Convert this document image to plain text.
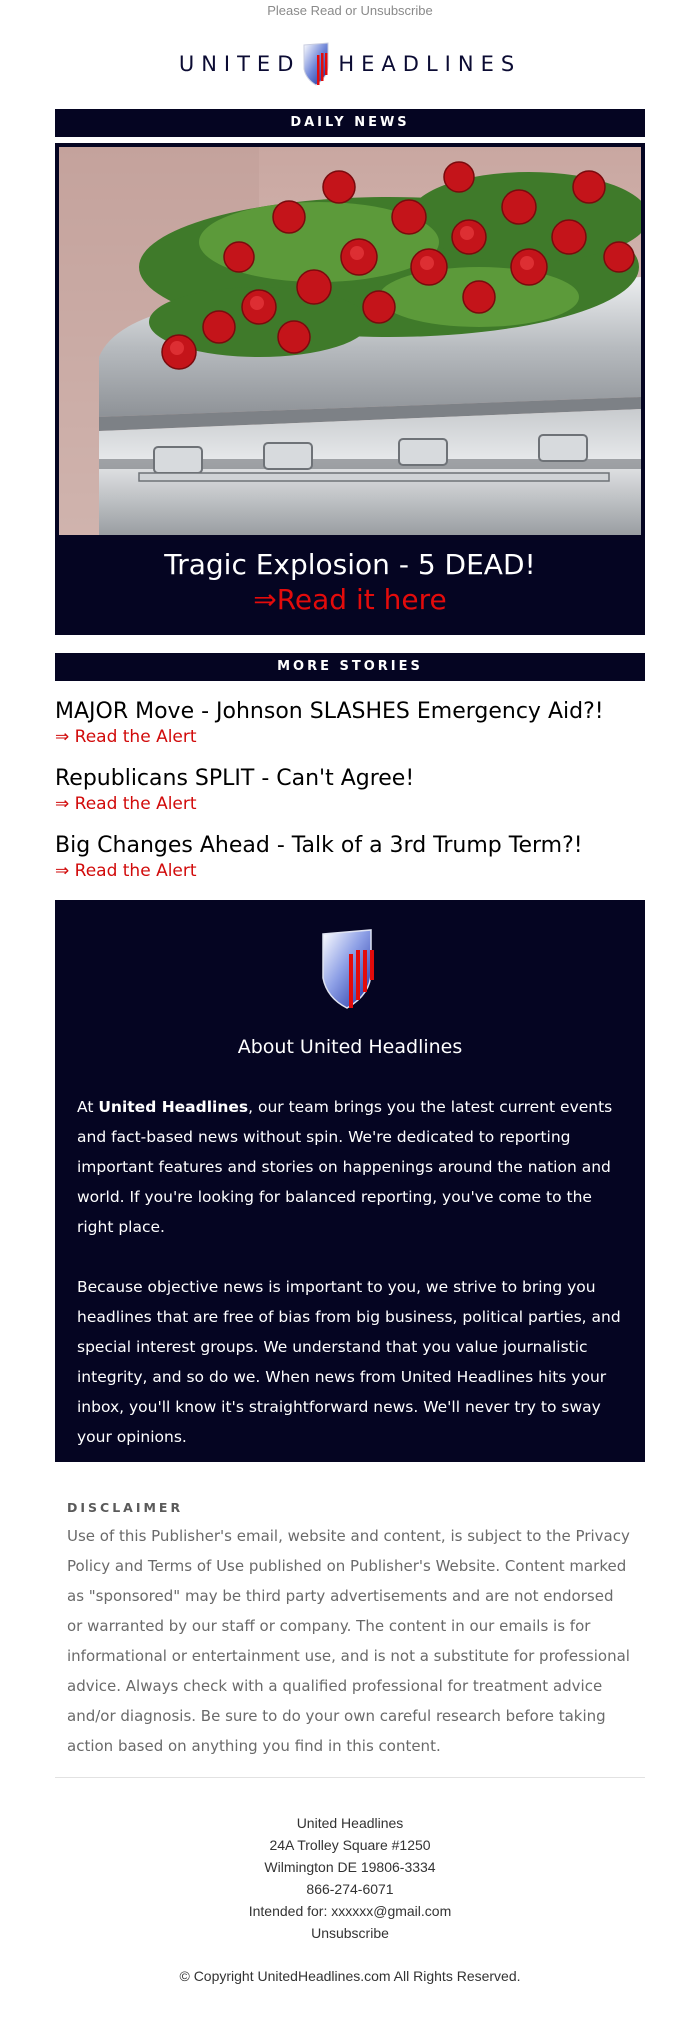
Please Read or Unsubscribe
UNITED HEADLINES
DAILY NEWS
Tragic Explosion - 5 DEAD!
⇒Read it here
MORE STORIES
MAJOR Move - Johnson SLASHES Emergency Aid?!
⇒ Read the Alert
Republicans SPLIT - Can't Agree!
⇒ Read the Alert
Big Changes Ahead - Talk of a 3rd Trump Term?!
⇒ Read the Alert
About United Headlines

At United Headlines, our team brings you the latest current events and fact-based news without spin. We're dedicated to reporting important features and stories on happenings around the nation and world. If you're looking for balanced reporting, you've come to the right place.

Because objective news is important to you, we strive to bring you headlines that are free of bias from big business, political parties, and special interest groups. We understand that you value journalistic integrity, and so do we. When news from United Headlines hits your inbox, you'll know it's straightforward news. We'll never try to sway your opinions.

DISCLAIMER
Use of this Publisher's email, website and content, is subject to the Privacy Policy and Terms of Use published on Publisher's Website. Content marked as "sponsored" may be third party advertisements and are not endorsed or warranted by our staff or company. The content in our emails is for informational or entertainment use, and is not a substitute for professional advice. Always check with a qualified professional for treatment advice and/or diagnosis. Be sure to do your own careful research before taking action based on anything you find in this content.
United Headlines
24A Trolley Square #1250
Wilmington DE 19806-3334
866-274-6071
Intended for: xxxxxx@gmail.com
Unsubscribe
© Copyright UnitedHeadlines.com All Rights Reserved.
